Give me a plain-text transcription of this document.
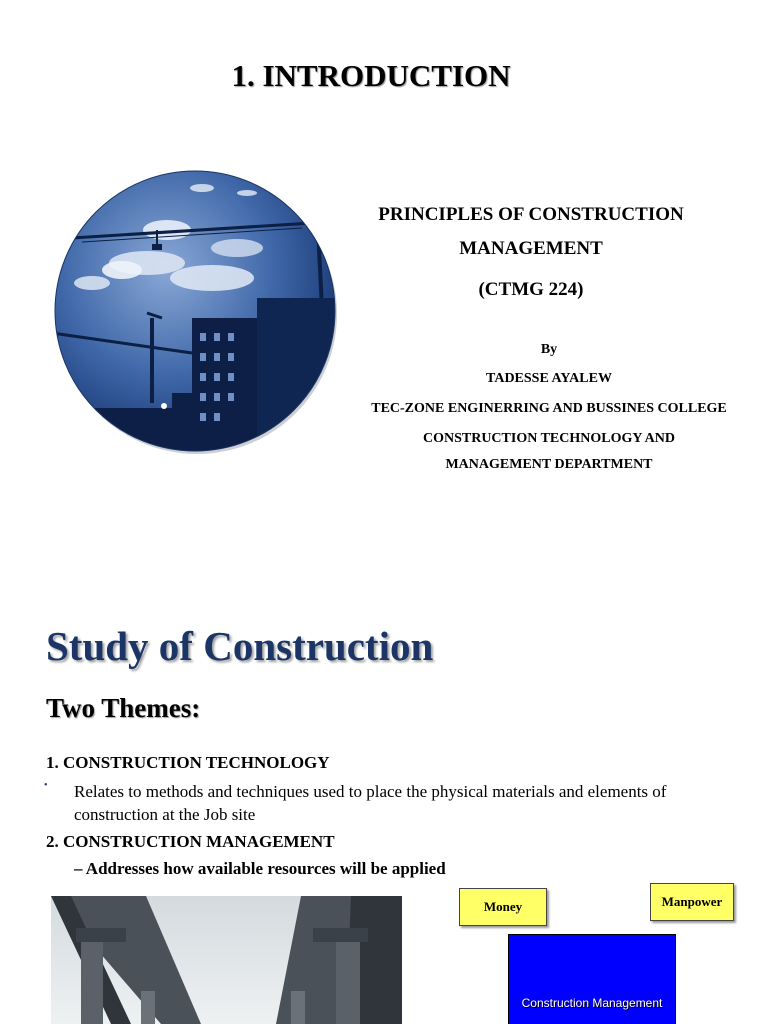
1. INTRODUCTION
PRINCIPLES OF CONSTRUCTION
MANAGEMENT
(CTMG 224)
By
TADESSE AYALEW
TEC-ZONE ENGINERRING AND BUSSINES COLLEGE
CONSTRUCTION TECHNOLOGY AND
MANAGEMENT DEPARTMENT
Study of Construction
Two Themes:
1. CONSTRUCTION TECHNOLOGY
• Relates to methods and techniques used to place the physical materials and elements of construction at the Job site
2. CONSTRUCTION MANAGEMENT
– Addresses how available resources will be applied
Money	Manpower
Construction Management
